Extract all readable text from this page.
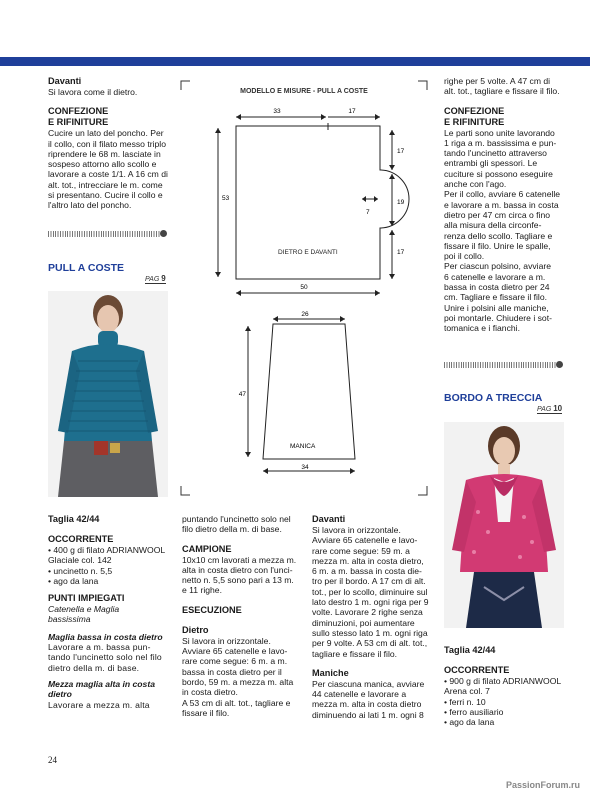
Davanti
Si lavora come il dietro.
CONFEZIONE
E RIFINITURE
Cucire un lato del poncho. Per
il collo, con il filato messo triplo
riprendere le 68 m. lasciate in
sospeso attorno allo scollo e
lavorare a coste 1/1. A 16 cm di
alt. tot., intrecciare le m. come
si presentano. Cucire il collo e
l'altro lato del poncho.
PULL A COSTE
PAG 9
Taglia 42/44
OCCORRENTE
• 400 g di filato ADRIANWOOL
Glaciale col. 142
• uncinetto n. 5,5
• ago da lana
PUNTI IMPIEGATI
Catenella e Maglia
bassissima
Maglia bassa in costa dietro
Lavorare a m. bassa pun-
tando l'uncinetto solo nel filo
dietro della m. di base.
Mezza maglia alta in costa
dietro
Lavorare a mezza m. alta
MODELLO E MISURE - PULL A COSTE
DIETRO E DAVANTI
33	17
17
19
17
7
53
50
MANICA
26
47
34
puntando l'uncinetto solo nel
filo dietro della m. di base.
CAMPIONE
10x10 cm lavorati a mezza m.
alta in costa dietro con l'unci-
netto n. 5,5 sono pari a 13 m.
e 11 righe.
ESECUZIONE
Dietro
Si lavora in orizzontale.
Avviare 65 catenelle e lavo-
rare come segue: 6 m. a m.
bassa in costa dietro per il
bordo, 59 m. a mezza m. alta
in costa dietro.
A 53 cm di alt. tot., tagliare e
fissare il filo.
Davanti
Si lavora in orizzontale.
Avviare 65 catenelle e lavo-
rare come segue: 59 m. a
mezza m. alta in costa dietro,
6 m. a m. bassa in costa die-
tro per il bordo. A 17 cm di alt.
tot., per lo scollo, diminuire sul
lato destro 1 m. ogni riga per 9
volte. Lavorare 2 righe senza
diminuzioni, poi aumentare
sullo stesso lato 1 m. ogni riga
per 9 volte. A 53 cm di alt. tot.,
tagliare e fissare il filo.
Maniche
Per ciascuna manica, avviare
44 catenelle e lavorare a
mezza m. alta in costa dietro
diminuendo ai lati 1 m. ogni 8
righe per 5 volte. A 47 cm di
alt. tot., tagliare e fissare il filo.
CONFEZIONE
E RIFINITURE
Le parti sono unite lavorando
1 riga a m. bassissima e pun-
tando l'uncinetto attraverso
entrambi gli spessori. Le
cuciture si possono eseguire
anche con l'ago.
Per il collo, avviare 6 catenelle
e lavorare a m. bassa in costa
dietro per 47 cm circa o fino
alla misura della circonfe-
renza dello scollo. Tagliare e
fissare il filo. Unire le spalle,
poi il collo.
Per ciascun polsino, avviare
6 catenelle e lavorare a m.
bassa in costa dietro per 24
cm. Tagliare e fissare il filo.
Unire i polsini alle maniche,
poi montarle. Chiudere i sot-
tomanica e i fianchi.
BORDO A TRECCIA
PAG 10
Taglia 42/44
OCCORRENTE
• 900 g di filato ADRIANWOOL
Arena col. 7
• ferri n. 10
• ferro ausiliario
• ago da lana
24
PassionForum.ru
